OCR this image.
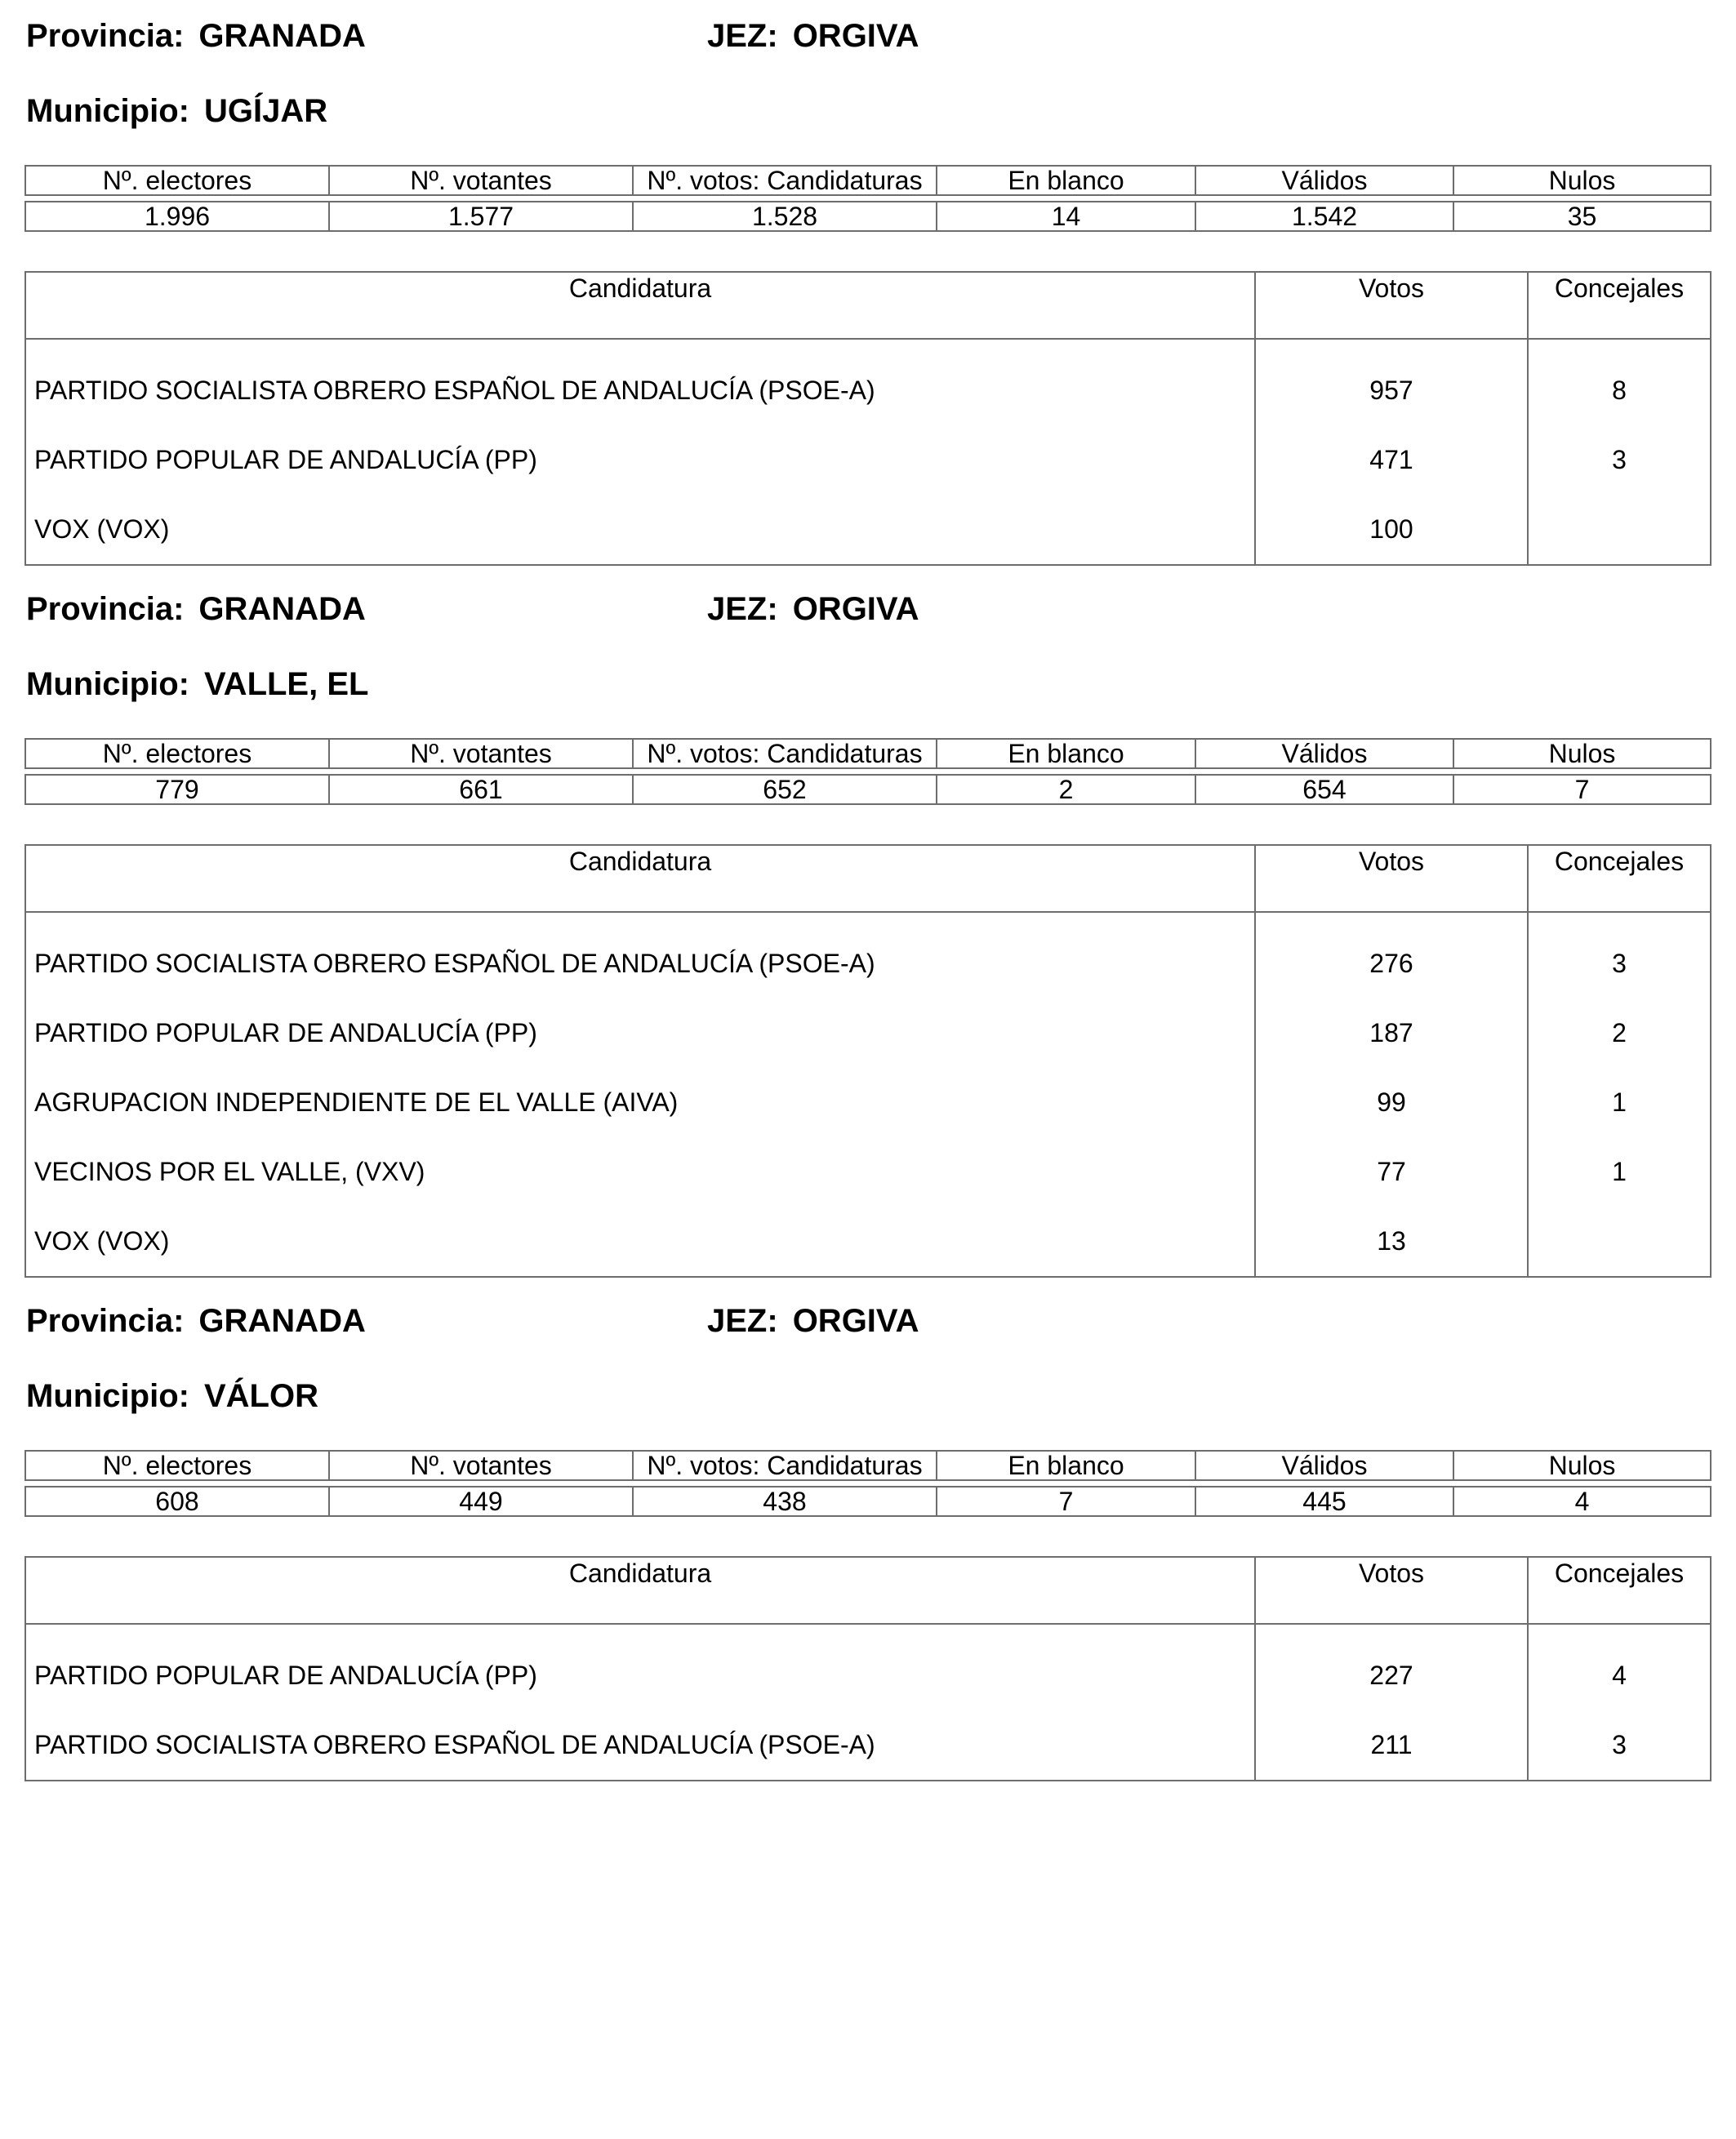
Provincia: GRANADA	JEZ: ORGIVA
Municipio: UGÍJAR
Nº. electores	Nº. votantes	Nº. votos: Candidaturas	En blanco	Válidos	Nulos

1.996	1.577	1.528	14	1.542	35
Candidatura	Votos	Concejales

PARTIDO SOCIALISTA OBRERO ESPAÑOL DE ANDALUCÍA (PSOE-A)	957	8
PARTIDO POPULAR DE ANDALUCÍA (PP)	471	3
VOX (VOX)	100	
Provincia: GRANADA	JEZ: ORGIVA
Municipio: VALLE, EL
Nº. electores	Nº. votantes	Nº. votos: Candidaturas	En blanco	Válidos	Nulos

779	661	652	2	654	7
Candidatura	Votos	Concejales

PARTIDO SOCIALISTA OBRERO ESPAÑOL DE ANDALUCÍA (PSOE-A)	276	3
PARTIDO POPULAR DE ANDALUCÍA (PP)	187	2
AGRUPACION INDEPENDIENTE DE EL VALLE (AIVA)	99	1
VECINOS POR EL VALLE, (VXV)	77	1
VOX (VOX)	13	
Provincia: GRANADA	JEZ: ORGIVA
Municipio: VÁLOR
Nº. electores	Nº. votantes	Nº. votos: Candidaturas	En blanco	Válidos	Nulos

608	449	438	7	445	4
Candidatura	Votos	Concejales

PARTIDO POPULAR DE ANDALUCÍA (PP)	227	4
PARTIDO SOCIALISTA OBRERO ESPAÑOL DE ANDALUCÍA (PSOE-A)	211	3
